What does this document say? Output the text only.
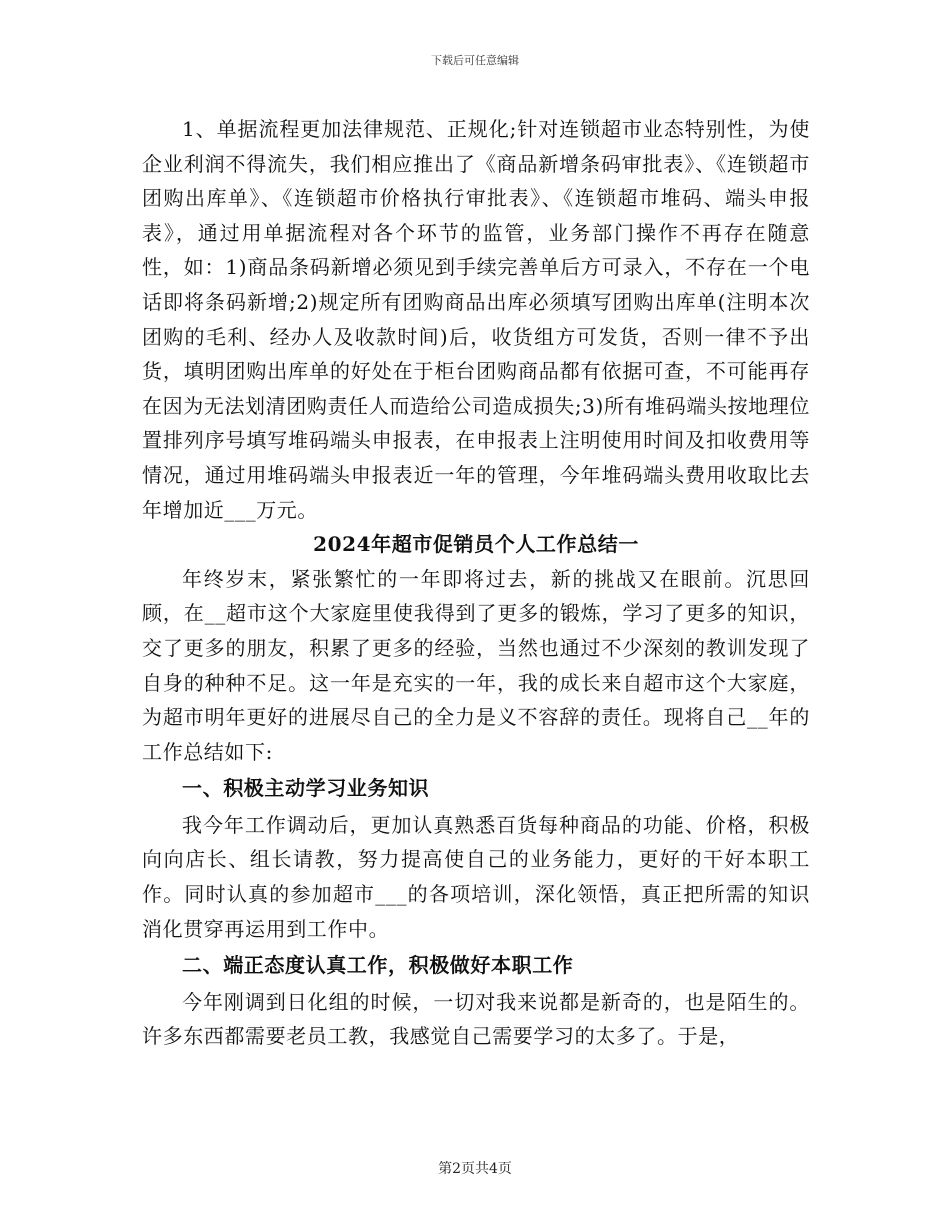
下载后可任意编辑

1、单据流程更加法律规范、正规化;针对连锁超市业态特别性，为使企业利润不得流失，我们相应推出了《商品新增条码审批表》、《连锁超市团购出库单》、《连锁超市价格执行审批表》、《连锁超市堆码、端头申报表》，通过用单据流程对各个环节的监管，业务部门操作不再存在随意性，如：1)商品条码新增必须见到手续完善单后方可录入，不存在一个电话即将条码新增;2)规定所有团购商品出库必须填写团购出库单(注明本次团购的毛利、经办人及收款时间)后，收货组方可发货，否则一律不予出货，填明团购出库单的好处在于柜台团购商品都有依据可查，不可能再存在因为无法划清团购责任人而造给公司造成损失;3)所有堆码端头按地理位置排列序号填写堆码端头申报表，在申报表上注明使用时间及扣收费用等情况，通过用堆码端头申报表近一年的管理，今年堆码端头费用收取比去年增加近___万元。

2024年超市促销员个人工作总结一

年终岁末，紧张繁忙的一年即将过去，新的挑战又在眼前。沉思回顾，在__超市这个大家庭里使我得到了更多的锻炼，学习了更多的知识，交了更多的朋友，积累了更多的经验，当然也通过不少深刻的教训发现了自身的种种不足。这一年是充实的一年，我的成长来自超市这个大家庭，为超市明年更好的进展尽自己的全力是义不容辞的责任。现将自己__年的工作总结如下:

一、积极主动学习业务知识

我今年工作调动后，更加认真熟悉百货每种商品的功能、价格，积极向向店长、组长请教，努力提高使自己的业务能力，更好的干好本职工作。同时认真的参加超市___的各项培训，深化领悟，真正把所需的知识消化贯穿再运用到工作中。

二、端正态度认真工作，积极做好本职工作

今年刚调到日化组的时候，一切对我来说都是新奇的，也是陌生的。许多东西都需要老员工教，我感觉自己需要学习的太多了。于是，

第2页共4页
